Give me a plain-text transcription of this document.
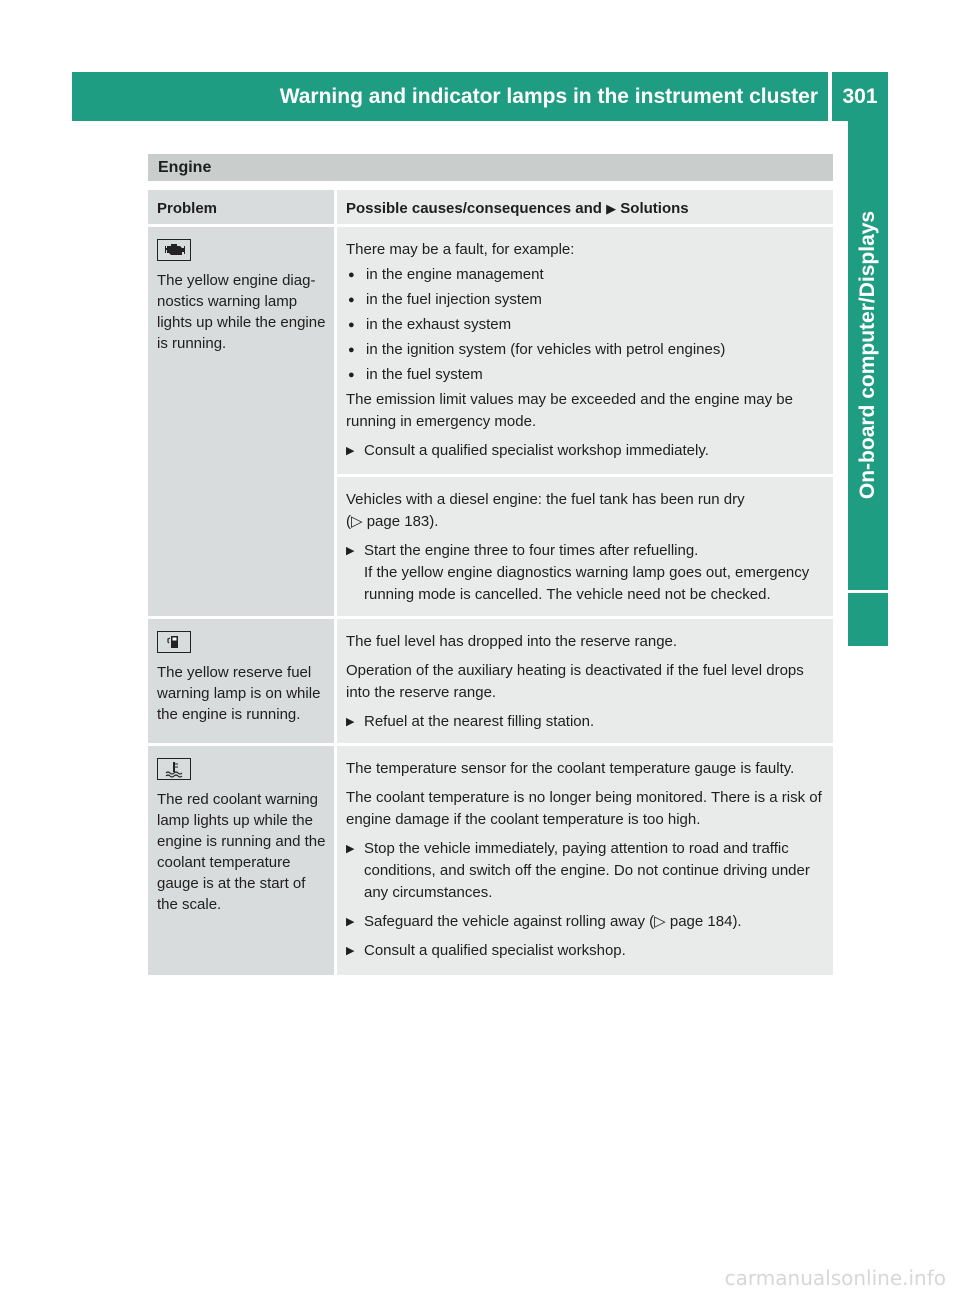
Warning and indicator lamps in the instrument cluster	301
On-board computer/Displays
Engine
Problem	Possible causes/consequences and ▶ Solutions
The yellow engine diagnostics warning lamp lights up while the engine is running.

There may be a fault, for example:

● in the engine management
● in the fuel injection system
● in the exhaust system
● in the ignition system (for vehicles with petrol engines)
● in the fuel system

The emission limit values may be exceeded and the engine may be running in emergency mode.

▶ Consult a qualified specialist workshop immediately.

Vehicles with a diesel engine: the fuel tank has been run dry

(▷ page 183).

▶ Start the engine three to four times after refuelling.
If the yellow engine diagnostics warning lamp goes out, emergency running mode is cancelled. The vehicle need not be checked.
The yellow reserve fuel warning lamp is on while the engine is running.

The fuel level has dropped into the reserve range.

Operation of the auxiliary heating is deactivated if the fuel level drops into the reserve range.

▶ Refuel at the nearest filling station.
The red coolant warning lamp lights up while the engine is running and the coolant temperature gauge is at the start of the scale.

The temperature sensor for the coolant temperature gauge is faulty.

The coolant temperature is no longer being monitored. There is a risk of engine damage if the coolant temperature is too high.

▶ Stop the vehicle immediately, paying attention to road and traffic conditions, and switch off the engine. Do not continue driving under any circumstances.
▶ Safeguard the vehicle against rolling away (▷ page 184).
▶ Consult a qualified specialist workshop.
carmanualsonline.info
